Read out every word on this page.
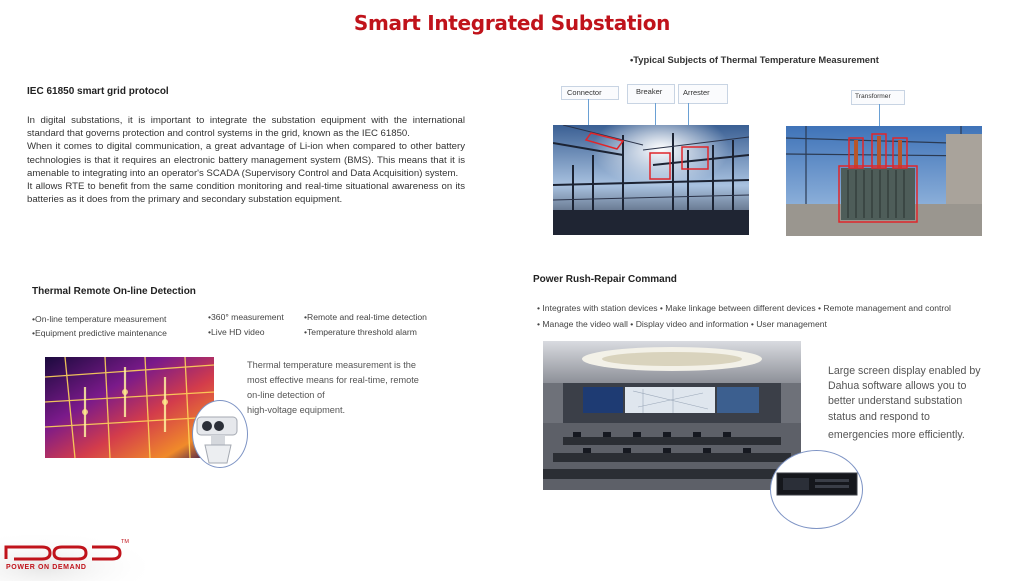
Smart Integrated Substation
IEC 61850 smart grid protocol

In digital substations, it is important to integrate the substation equipment with the international standard that governs protection and control systems in the grid, known as the IEC 61850.

When it comes to digital communication, a great advantage of Li-ion when compared to other battery technologies is that it requires an electronic battery management system (BMS). This means that it is amenable to integrating into an operator's SCADA (Supervisory Control and Data Acquisition) system.

It allows RTE to benefit from the same condition monitoring and real-time situational awareness on its batteries as it does from the primary and secondary substation equipment.

•Typical Subjects of Thermal Temperature Measurement
Connector	Breaker	Arrester	Transformer
Thermal Remote On-line Detection
•On-line temperature measurement
•Equipment predictive maintenance
•360° measurement
•Live HD video
•Remote and real-time detection
•Temperature threshold alarm
Thermal temperature measurement is the
most effective means for real-time, remote
on-line detection of
high-voltage equipment.
Power Rush-Repair Command
• Integrates with station devices • Make linkage between different devices • Remote management and control
• Manage the video wall • Display video and information • User management
Large screen display enabled by
Dahua software allows you to
better understand substation
status and respond to
emergencies more efficiently.
TM
POWER ON DEMAND
